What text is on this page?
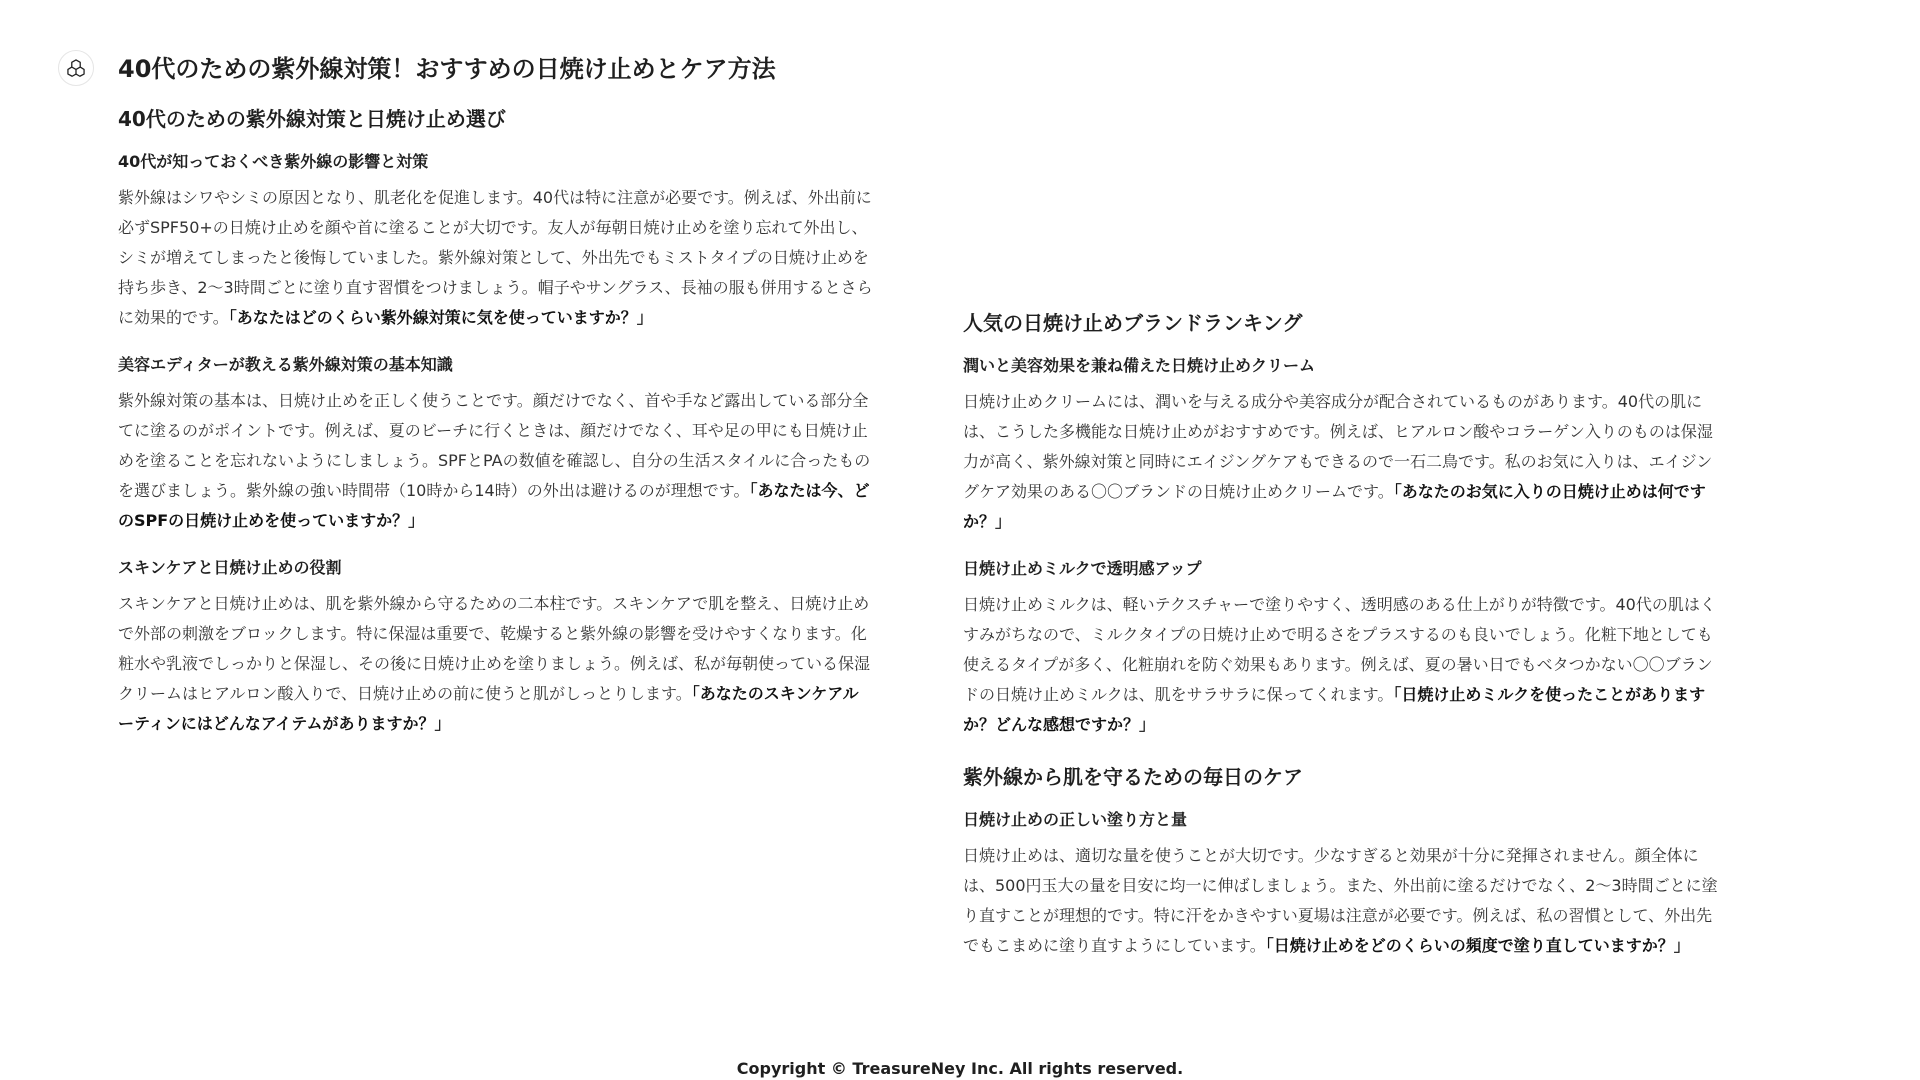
40代のための紫外線対策！おすすめの日焼け止めとケア方法
40代のための紫外線対策と日焼け止め選び
40代が知っておくべき紫外線の影響と対策

紫外線はシワやシミの原因となり、肌老化を促進します。40代は特に注意が必要です。例えば、外出前に必ずSPF50+の日焼け止めを顔や首に塗ることが大切です。友人が毎朝日焼け止めを塗り忘れて外出し、シミが増えてしまったと後悔していました。紫外線対策として、外出先でもミストタイプの日焼け止めを持ち歩き、2〜3時間ごとに塗り直す習慣をつけましょう。帽子やサングラス、長袖の服も併用するとさらに効果的です。「あなたはどのくらい紫外線対策に気を使っていますか？」

美容エディターが教える紫外線対策の基本知識

紫外線対策の基本は、日焼け止めを正しく使うことです。顔だけでなく、首や手など露出している部分全てに塗るのがポイントです。例えば、夏のビーチに行くときは、顔だけでなく、耳や足の甲にも日焼け止めを塗ることを忘れないようにしましょう。SPFとPAの数値を確認し、自分の生活スタイルに合ったものを選びましょう。紫外線の強い時間帯（10時から14時）の外出は避けるのが理想です。「あなたは今、どのSPFの日焼け止めを使っていますか？」

スキンケアと日焼け止めの役割

スキンケアと日焼け止めは、肌を紫外線から守るための二本柱です。スキンケアで肌を整え、日焼け止めで外部の刺激をブロックします。特に保湿は重要で、乾燥すると紫外線の影響を受けやすくなります。化粧水や乳液でしっかりと保湿し、その後に日焼け止めを塗りましょう。例えば、私が毎朝使っている保湿クリームはヒアルロン酸入りで、日焼け止めの前に使うと肌がしっとりします。「あなたのスキンケアルーティンにはどんなアイテムがありますか？」

人気の日焼け止めブランドランキング
潤いと美容効果を兼ね備えた日焼け止めクリーム

日焼け止めクリームには、潤いを与える成分や美容成分が配合されているものがあります。40代の肌には、こうした多機能な日焼け止めがおすすめです。例えば、ヒアルロン酸やコラーゲン入りのものは保湿力が高く、紫外線対策と同時にエイジングケアもできるので一石二鳥です。私のお気に入りは、エイジングケア効果のある〇〇ブランドの日焼け止めクリームです。「あなたのお気に入りの日焼け止めは何ですか？」

日焼け止めミルクで透明感アップ

日焼け止めミルクは、軽いテクスチャーで塗りやすく、透明感のある仕上がりが特徴です。40代の肌はくすみがちなので、ミルクタイプの日焼け止めで明るさをプラスするのも良いでしょう。化粧下地としても使えるタイプが多く、化粧崩れを防ぐ効果もあります。例えば、夏の暑い日でもベタつかない〇〇ブランドの日焼け止めミルクは、肌をサラサラに保ってくれます。「日焼け止めミルクを使ったことがありますか？どんな感想ですか？」

紫外線から肌を守るための毎日のケア
日焼け止めの正しい塗り方と量

日焼け止めは、適切な量を使うことが大切です。少なすぎると効果が十分に発揮されません。顔全体には、500円玉大の量を目安に均一に伸ばしましょう。また、外出前に塗るだけでなく、2〜3時間ごとに塗り直すことが理想的です。特に汗をかきやすい夏場は注意が必要です。例えば、私の習慣として、外出先でもこまめに塗り直すようにしています。「日焼け止めをどのくらいの頻度で塗り直していますか？」

Copyright © TreasureNey Inc. All rights reserved.
